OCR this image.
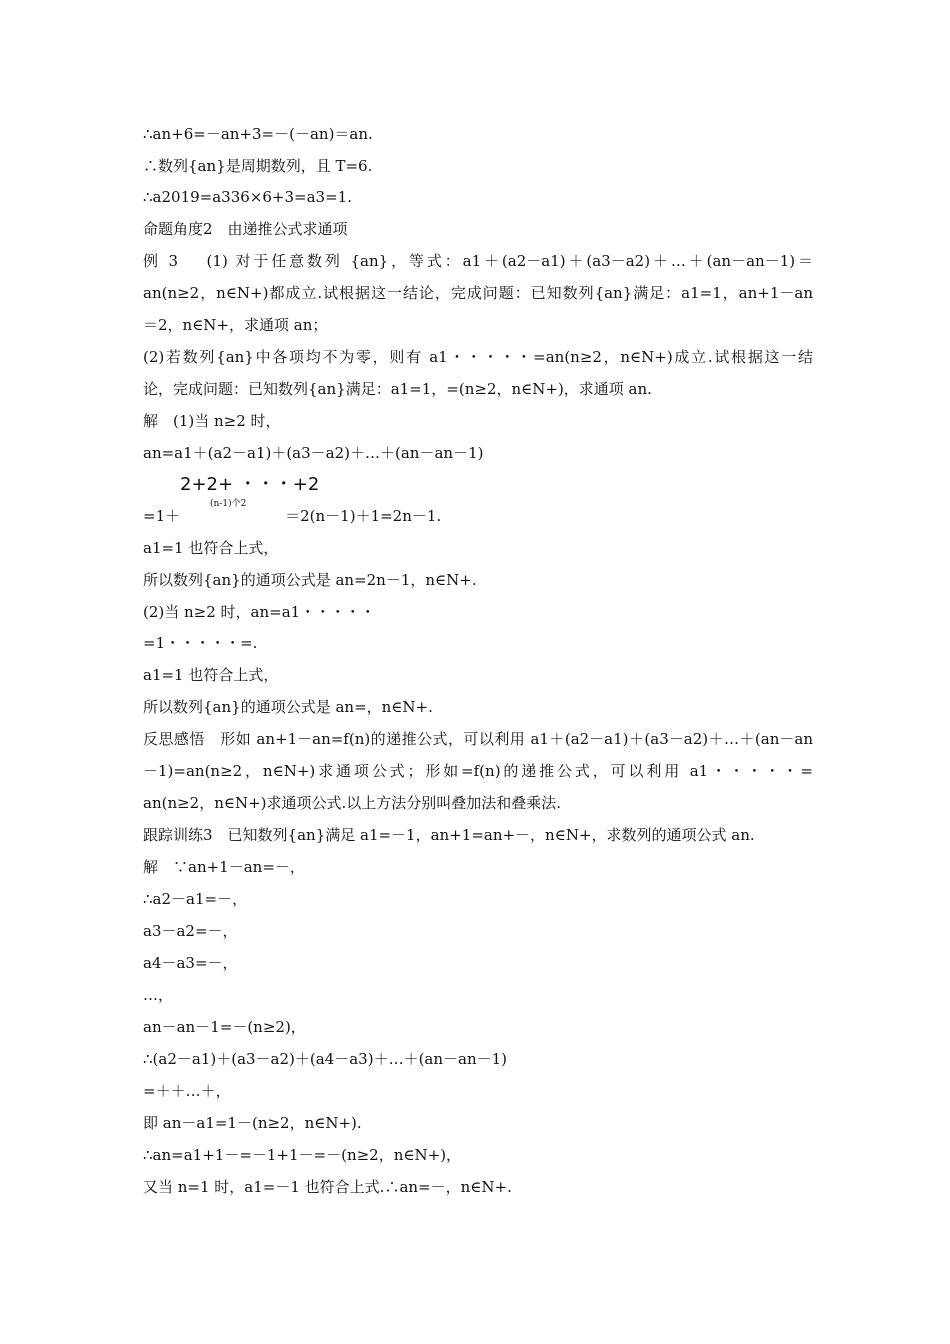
∴an+6=－an+3=－(－an)＝an.
∴数列{an}是周期数列，且 T=6.
∴a2019=a336×6+3=a3=1.
命题角度2　由递推公式求通项
例 3　 (1) 对于任意数列 {an}，等式：a1＋(a2－a1)＋(a3－a2)＋…＋(an－an－1)＝
an(n≥2，n∈N+)都成立.试根据这一结论，完成问题：已知数列{an}满足：a1=1，an+1－an
＝2，n∈N+，求通项 an；
(2)若数列{an}中各项均不为零，则有 a1・・・・・=an(n≥2，n∈N+)成立.试根据这一结
论，完成问题：已知数列{an}满足：a1=1，=(n≥2，n∈N+)，求通项 an.
解　(1)当 n≥2 时，
an=a1＋(a2－a1)＋(a3－a2)＋…＋(an－an－1)
=1＋　　　　　　　＝2(n－1)＋1=2n－1.
a1=1 也符合上式，
所以数列{an}的通项公式是 an=2n－1，n∈N+.
(2)当 n≥2 时，an=a1・・・・・
=1・・・・・=.
a1=1 也符合上式，
所以数列{an}的通项公式是 an=，n∈N+.
反思感悟　形如 an+1－an=f(n)的递推公式，可以利用 a1＋(a2－a1)＋(a3－a2)＋…＋(an－an
－1)=an(n≥2，n∈N+)求通项公式；形如=f(n)的递推公式，可以利用 a1・・・・・=
an(n≥2，n∈N+)求通项公式.以上方法分别叫叠加法和叠乘法.
跟踪训练3　已知数列{an}满足 a1=－1，an+1=an+－，n∈N+，求数列的通项公式 an.
解　∵an+1－an=－，
∴a2－a1=－，
a3－a2=－，
a4－a3=－，
…，
an－an－1=－(n≥2)，
∴(a2－a1)＋(a3－a2)＋(a4－a3)＋…＋(an－an－1)
=＋＋…＋，
即 an－a1=1－(n≥2，n∈N+).
∴an=a1+1－=－1+1－=－(n≥2，n∈N+)，
又当 n=1 时，a1=－1 也符合上式.∴an=－，n∈N+.
2+2+ ・・・+2
(n-1)个2
